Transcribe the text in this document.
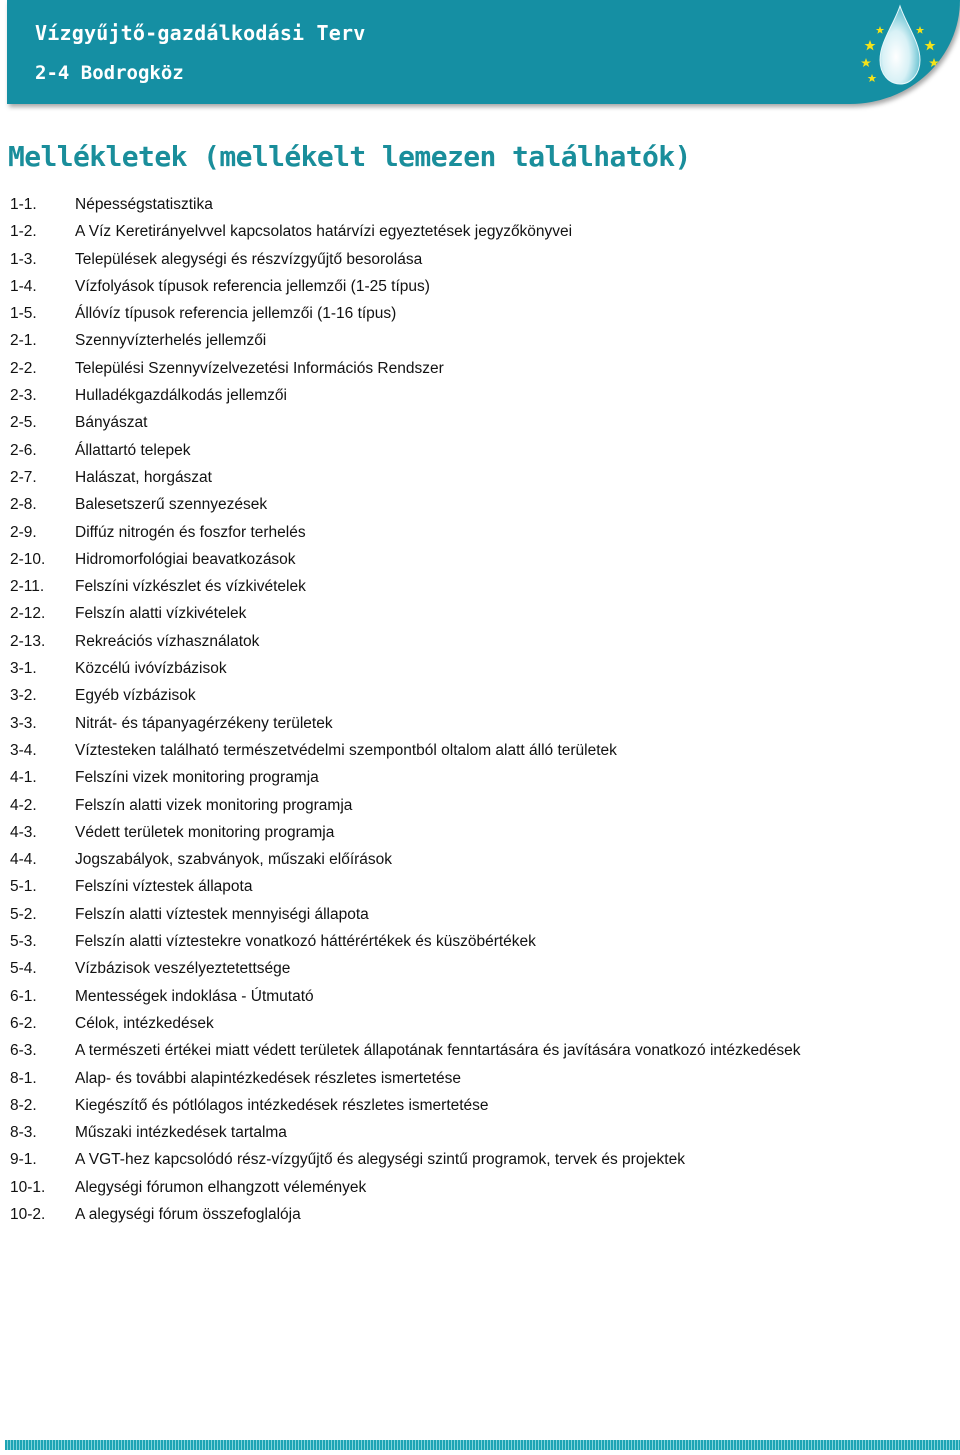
Vízgyűjtő-gazdálkodási Terv
2-4 Bodrogköz
Mellékletek (mellékelt lemezen találhatók)
1-1.	Népességstatisztika
1-2.	A Víz Keretirányelvvel kapcsolatos határvízi egyeztetések jegyzőkönyvei
1-3.	Települések alegységi és részvízgyűjtő besorolása
1-4.	Vízfolyások típusok referencia jellemzői (1-25 típus)
1-5.	Állóvíz típusok referencia jellemzői (1-16 típus)
2-1.	Szennyvízterhelés jellemzői
2-2.	Települési Szennyvízelvezetési Információs Rendszer
2-3.	Hulladékgazdálkodás jellemzői
2-5.	Bányászat
2-6.	Állattartó telepek
2-7.	Halászat, horgászat
2-8.	Balesetszerű szennyezések
2-9.	Diffúz nitrogén és foszfor terhelés
2-10.	Hidromorfológiai beavatkozások
2-11.	Felszíni vízkészlet és vízkivételek
2-12.	Felszín alatti vízkivételek
2-13.	Rekreációs vízhasználatok
3-1.	Közcélú ivóvízbázisok
3-2.	Egyéb vízbázisok
3-3.	Nitrát- és tápanyagérzékeny területek
3-4.	Víztesteken található természetvédelmi szempontból oltalom alatt álló területek
4-1.	Felszíni vizek monitoring programja
4-2.	Felszín alatti vizek monitoring programja
4-3.	Védett területek monitoring programja
4-4.	Jogszabályok, szabványok, műszaki előírások
5-1.	Felszíni víztestek állapota
5-2.	Felszín alatti víztestek mennyiségi állapota
5-3.	Felszín alatti víztestekre vonatkozó háttérértékek és küszöbértékek
5-4.	Vízbázisok veszélyeztetettsége
6-1.	Mentességek indoklása - Útmutató
6-2.	Célok, intézkedések
6-3.	A természeti értékei miatt védett területek állapotának fenntartására és javítására vonatkozó intézkedések
8-1.	Alap- és további alapintézkedések részletes ismertetése
8-2.	Kiegészítő és pótlólagos intézkedések részletes ismertetése
8-3.	Műszaki intézkedések tartalma
9-1.	A VGT-hez kapcsolódó rész-vízgyűjtő és alegységi szintű programok, tervek és projektek
10-1.	Alegységi fórumon elhangzott vélemények
10-2.	A alegységi fórum összefoglalója
